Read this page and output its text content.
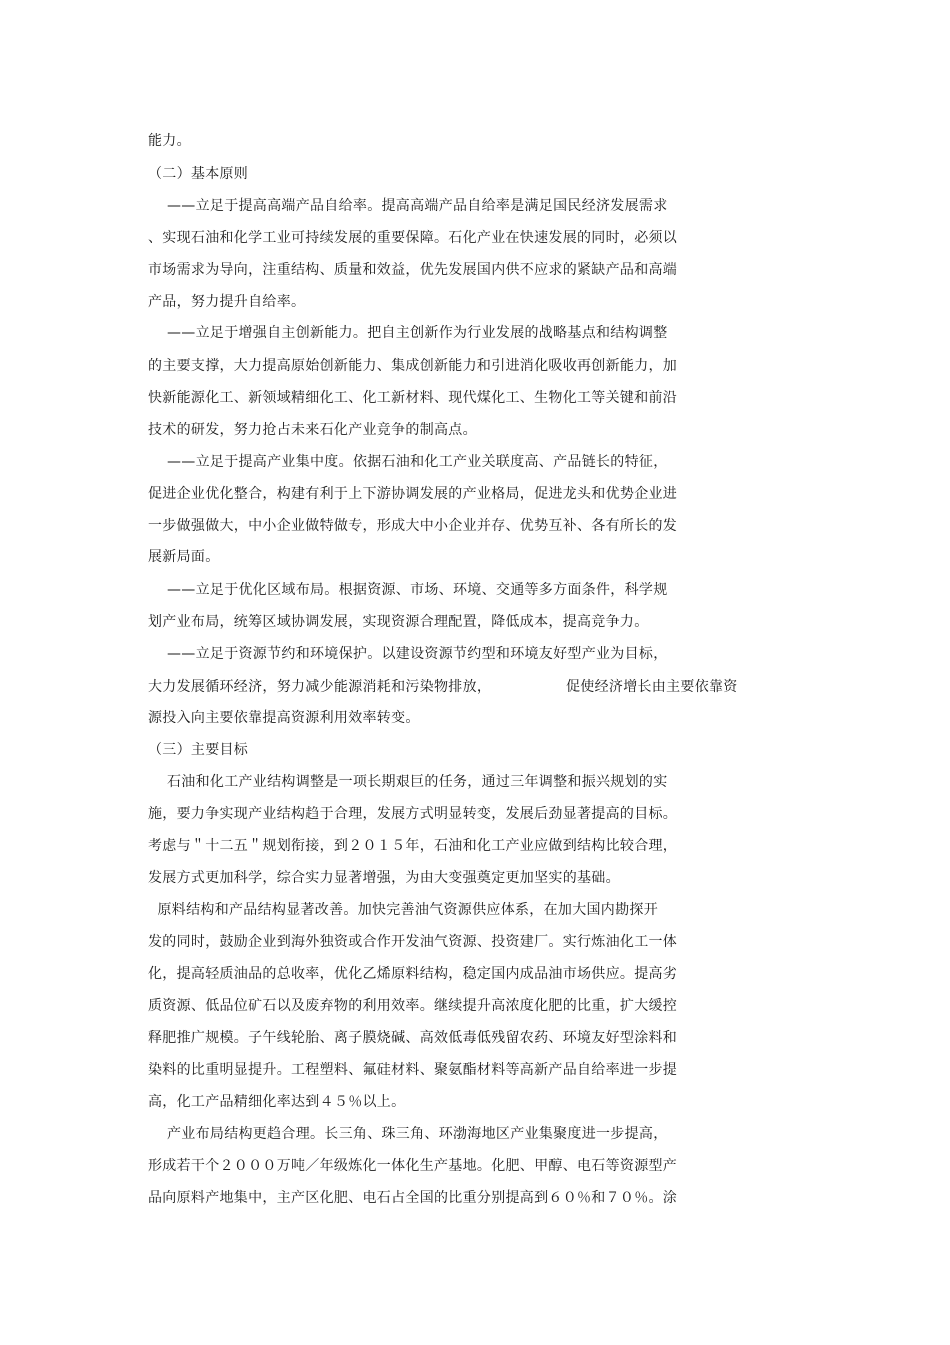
能力。
（二）基本原则
——立足于提高高端产品自给率。提高高端产品自给率是满足国民经济发展需求
、实现石油和化学工业可持续发展的重要保障。石化产业在快速发展的同时，必须以
市场需求为导向，注重结构、质量和效益，优先发展国内供不应求的紧缺产品和高端
产品，努力提升自给率。
——立足于增强自主创新能力。把自主创新作为行业发展的战略基点和结构调整
的主要支撑，大力提高原始创新能力、集成创新能力和引进消化吸收再创新能力，加
快新能源化工、新领域精细化工、化工新材料、现代煤化工、生物化工等关键和前沿
技术的研发，努力抢占未来石化产业竞争的制高点。
——立足于提高产业集中度。依据石油和化工产业关联度高、产品链长的特征，
促进企业优化整合，构建有利于上下游协调发展的产业格局，促进龙头和优势企业进
一步做强做大，中小企业做特做专，形成大中小企业并存、优势互补、各有所长的发
展新局面。
——立足于优化区域布局。根据资源、市场、环境、交通等多方面条件，科学规
划产业布局，统筹区域协调发展，实现资源合理配置，降低成本，提高竞争力。
——立足于资源节约和环境保护。以建设资源节约型和环境友好型产业为目标，
大力发展循环经济，努力减少能源消耗和污染物排放，	促使经济增长由主要依靠资
源投入向主要依靠提高资源利用效率转变。
（三）主要目标
石油和化工产业结构调整是一项长期艰巨的任务，通过三年调整和振兴规划的实
施，要力争实现产业结构趋于合理，发展方式明显转变，发展后劲显著提高的目标。
考虑与＂十二五＂规划衔接，到２０１５年，石油和化工产业应做到结构比较合理，
发展方式更加科学，综合实力显著增强，为由大变强奠定更加坚实的基础。
原料结构和产品结构显著改善。加快完善油气资源供应体系，在加大国内勘探开
发的同时，鼓励企业到海外独资或合作开发油气资源、投资建厂。实行炼油化工一体
化，提高轻质油品的总收率，优化乙烯原料结构，稳定国内成品油市场供应。提高劣
质资源、低品位矿石以及废弃物的利用效率。继续提升高浓度化肥的比重，扩大缓控
释肥推广规模。子午线轮胎、离子膜烧碱、高效低毒低残留农药、环境友好型涂料和
染料的比重明显提升。工程塑料、氟硅材料、聚氨酯材料等高新产品自给率进一步提
高，化工产品精细化率达到４５％以上。
产业布局结构更趋合理。长三角、珠三角、环渤海地区产业集聚度进一步提高，
形成若干个２０００万吨／年级炼化一体化生产基地。化肥、甲醇、电石等资源型产
品向原料产地集中，主产区化肥、电石占全国的比重分别提高到６０％和７０％。涂
